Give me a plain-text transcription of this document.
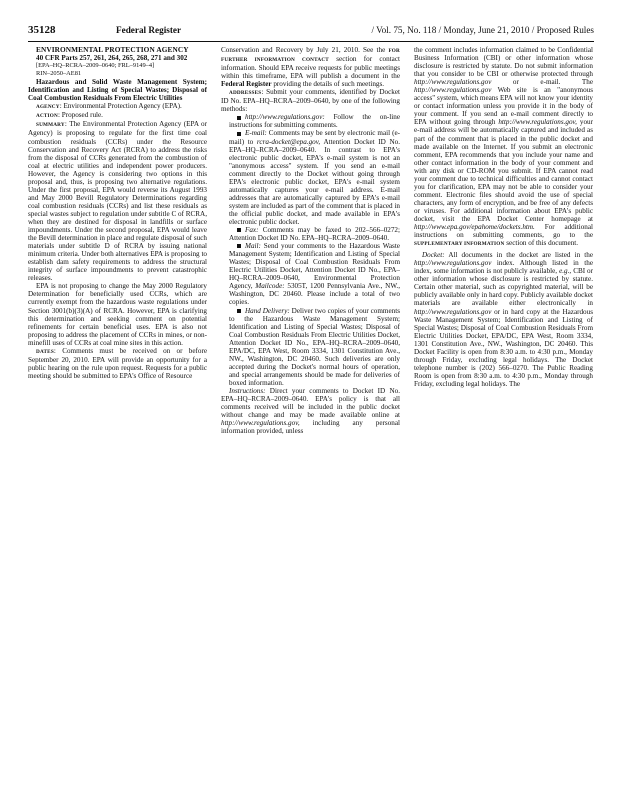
35128	Federal Register	/ Vol. 75, No. 118 / Monday, June 21, 2010 / Proposed Rules

ENVIRONMENTAL PROTECTION AGENCY

40 CFR Parts 257, 261, 264, 265, 268, 271 and 302

[EPA–HQ–RCRA–2009–0640; FRL–9149–4]

RIN–2050–AE81

Hazardous and Solid Waste Management System; Identification and Listing of Special Wastes; Disposal of Coal Combustion Residuals From Electric Utilities

AGENCY: Environmental Protection Agency (EPA).

ACTION: Proposed rule.

SUMMARY: The Environmental Protection Agency (EPA or Agency) is proposing to regulate for the first time coal combustion residuals (CCRs) under the Resource Conservation and Recovery Act (RCRA) to address the risks from the disposal of CCRs generated from the combustion of coal at electric utilities and independent power producers. However, the Agency is considering two options in this proposal and, thus, is proposing two alternative regulations. Under the first proposal, EPA would reverse its August 1993 and May 2000 Bevill Regulatory Determinations regarding coal combustion residuals (CCRs) and list these residuals as special wastes subject to regulation under subtitle C of RCRA, when they are destined for disposal in landfills or surface impoundments. Under the second proposal, EPA would leave the Bevill determination in place and regulate disposal of such materials under subtitle D of RCRA by issuing national minimum criteria. Under both alternatives EPA is proposing to establish dam safety requirements to address the structural integrity of surface impoundments to prevent catastrophic releases.

EPA is not proposing to change the May 2000 Regulatory Determination for beneficially used CCRs, which are currently exempt from the hazardous waste regulations under Section 3001(b)(3)(A) of RCRA. However, EPA is clarifying this determination and seeking comment on potential refinements for certain beneficial uses. EPA is also not proposing to address the placement of CCRs in mines, or non-minefill uses of CCRs at coal mine sites in this action.

DATES: Comments must be received on or before September 20, 2010. EPA will provide an opportunity for a public hearing on the rule upon request. Requests for a public meeting should be submitted to EPA's Office of Resource

Conservation and Recovery by July 21, 2010. See the FOR FURTHER INFORMATION CONTACT section for contact information. Should EPA receive requests for public meetings within this timeframe, EPA will publish a document in the Federal Register providing the details of such meetings.

ADDRESSES: Submit your comments, identified by Docket ID No. EPA–HQ–RCRA–2009–0640, by one of the following methods:

http://www.regulations.gov: Follow the on-line instructions for submitting comments.

E-mail: Comments may be sent by electronic mail (e-mail) to rcra-docket@epa.gov, Attention Docket ID No. EPA–HQ–RCRA–2009–0640. In contrast to EPA's electronic public docket, EPA's e-mail system is not an "anonymous access" system. If you send an e-mail comment directly to the Docket without going through EPA's electronic public docket, EPA's e-mail system automatically captures your e-mail address. E-mail addresses that are automatically captured by EPA's e-mail system are included as part of the comment that is placed in the official public docket, and made available in EPA's electronic public docket.

Fax: Comments may be faxed to 202–566–0272; Attention Docket ID No. EPA–HQ–RCRA–2009–0640.

Mail: Send your comments to the Hazardous Waste Management System; Identification and Listing of Special Wastes; Disposal of Coal Combustion Residuals From Electric Utilities Docket, Attention Docket ID No., EPA–HQ–RCRA–2009–0640, Environmental Protection Agency, Mailcode: 5305T, 1200 Pennsylvania Ave., NW., Washington, DC 20460. Please include a total of two copies.

Hand Delivery: Deliver two copies of your comments to the Hazardous Waste Management System; Identification and Listing of Special Wastes; Disposal of Coal Combustion Residuals From Electric Utilities Docket, Attention Docket ID No., EPA–HQ–RCRA–2009–0640, EPA/DC, EPA West, Room 3334, 1301 Constitution Ave., NW., Washington, DC 20460. Such deliveries are only accepted during the Docket's normal hours of operation, and special arrangements should be made for deliveries of boxed information.

Instructions: Direct your comments to Docket ID No. EPA–HQ–RCRA–2009–0640. EPA's policy is that all comments received will be included in the public docket without change and may be made available online at http://www.regulations.gov, including any personal information provided, unless

the comment includes information claimed to be Confidential Business Information (CBI) or other information whose disclosure is restricted by statute. Do not submit information that you consider to be CBI or otherwise protected through http://www.regulations.gov	or e-mail. The http://www.regulations.gov Web site is an "anonymous access" system, which means EPA will not know your identity or contact information unless you provide it in the body of your comment. If you send an e-mail comment directly to EPA without going through http://www.regulations.gov, your e-mail address will be automatically captured and included as part of the comment that is placed in the public docket and made available on the Internet. If you submit an electronic comment, EPA recommends that you include your name and other contact information in the body of your comment and with any disk or CD-ROM you submit. If EPA cannot read your comment due to technical difficulties and cannot contact you for clarification, EPA may not be able to consider your comment. Electronic files should avoid the use of special characters, any form of encryption, and be free of any defects or viruses. For additional information about EPA's public docket, visit the EPA Docket Center homepage at http://www.epa.gov/epahome/dockets.htm. For additional instructions on submitting comments, go to the SUPPLEMENTARY INFORMATION section of this document.

Docket: All documents in the docket are listed in the http://www.regulations.gov index. Although listed in the index, some information is not publicly available, e.g., CBI or other information whose disclosure is restricted by statute. Certain other material, such as copyrighted material, will be publicly available only in hard copy. Publicly available docket materials are available either electronically in http://www.regulations.gov or in hard copy at the Hazardous Waste Management System; Identification and Listing of Special Wastes; Disposal of Coal Combustion Residuals From Electric Utilities Docket, EPA/DC, EPA West, Room 3334, 1301 Constitution Ave., NW., Washington, DC 20460. This Docket Facility is open from 8:30 a.m. to 4:30 p.m., Monday through Friday, excluding legal holidays. The Docket telephone number is (202) 566–0270. The Public Reading Room is open from 8:30 a.m. to 4:30 p.m., Monday through Friday, excluding legal holidays. The
